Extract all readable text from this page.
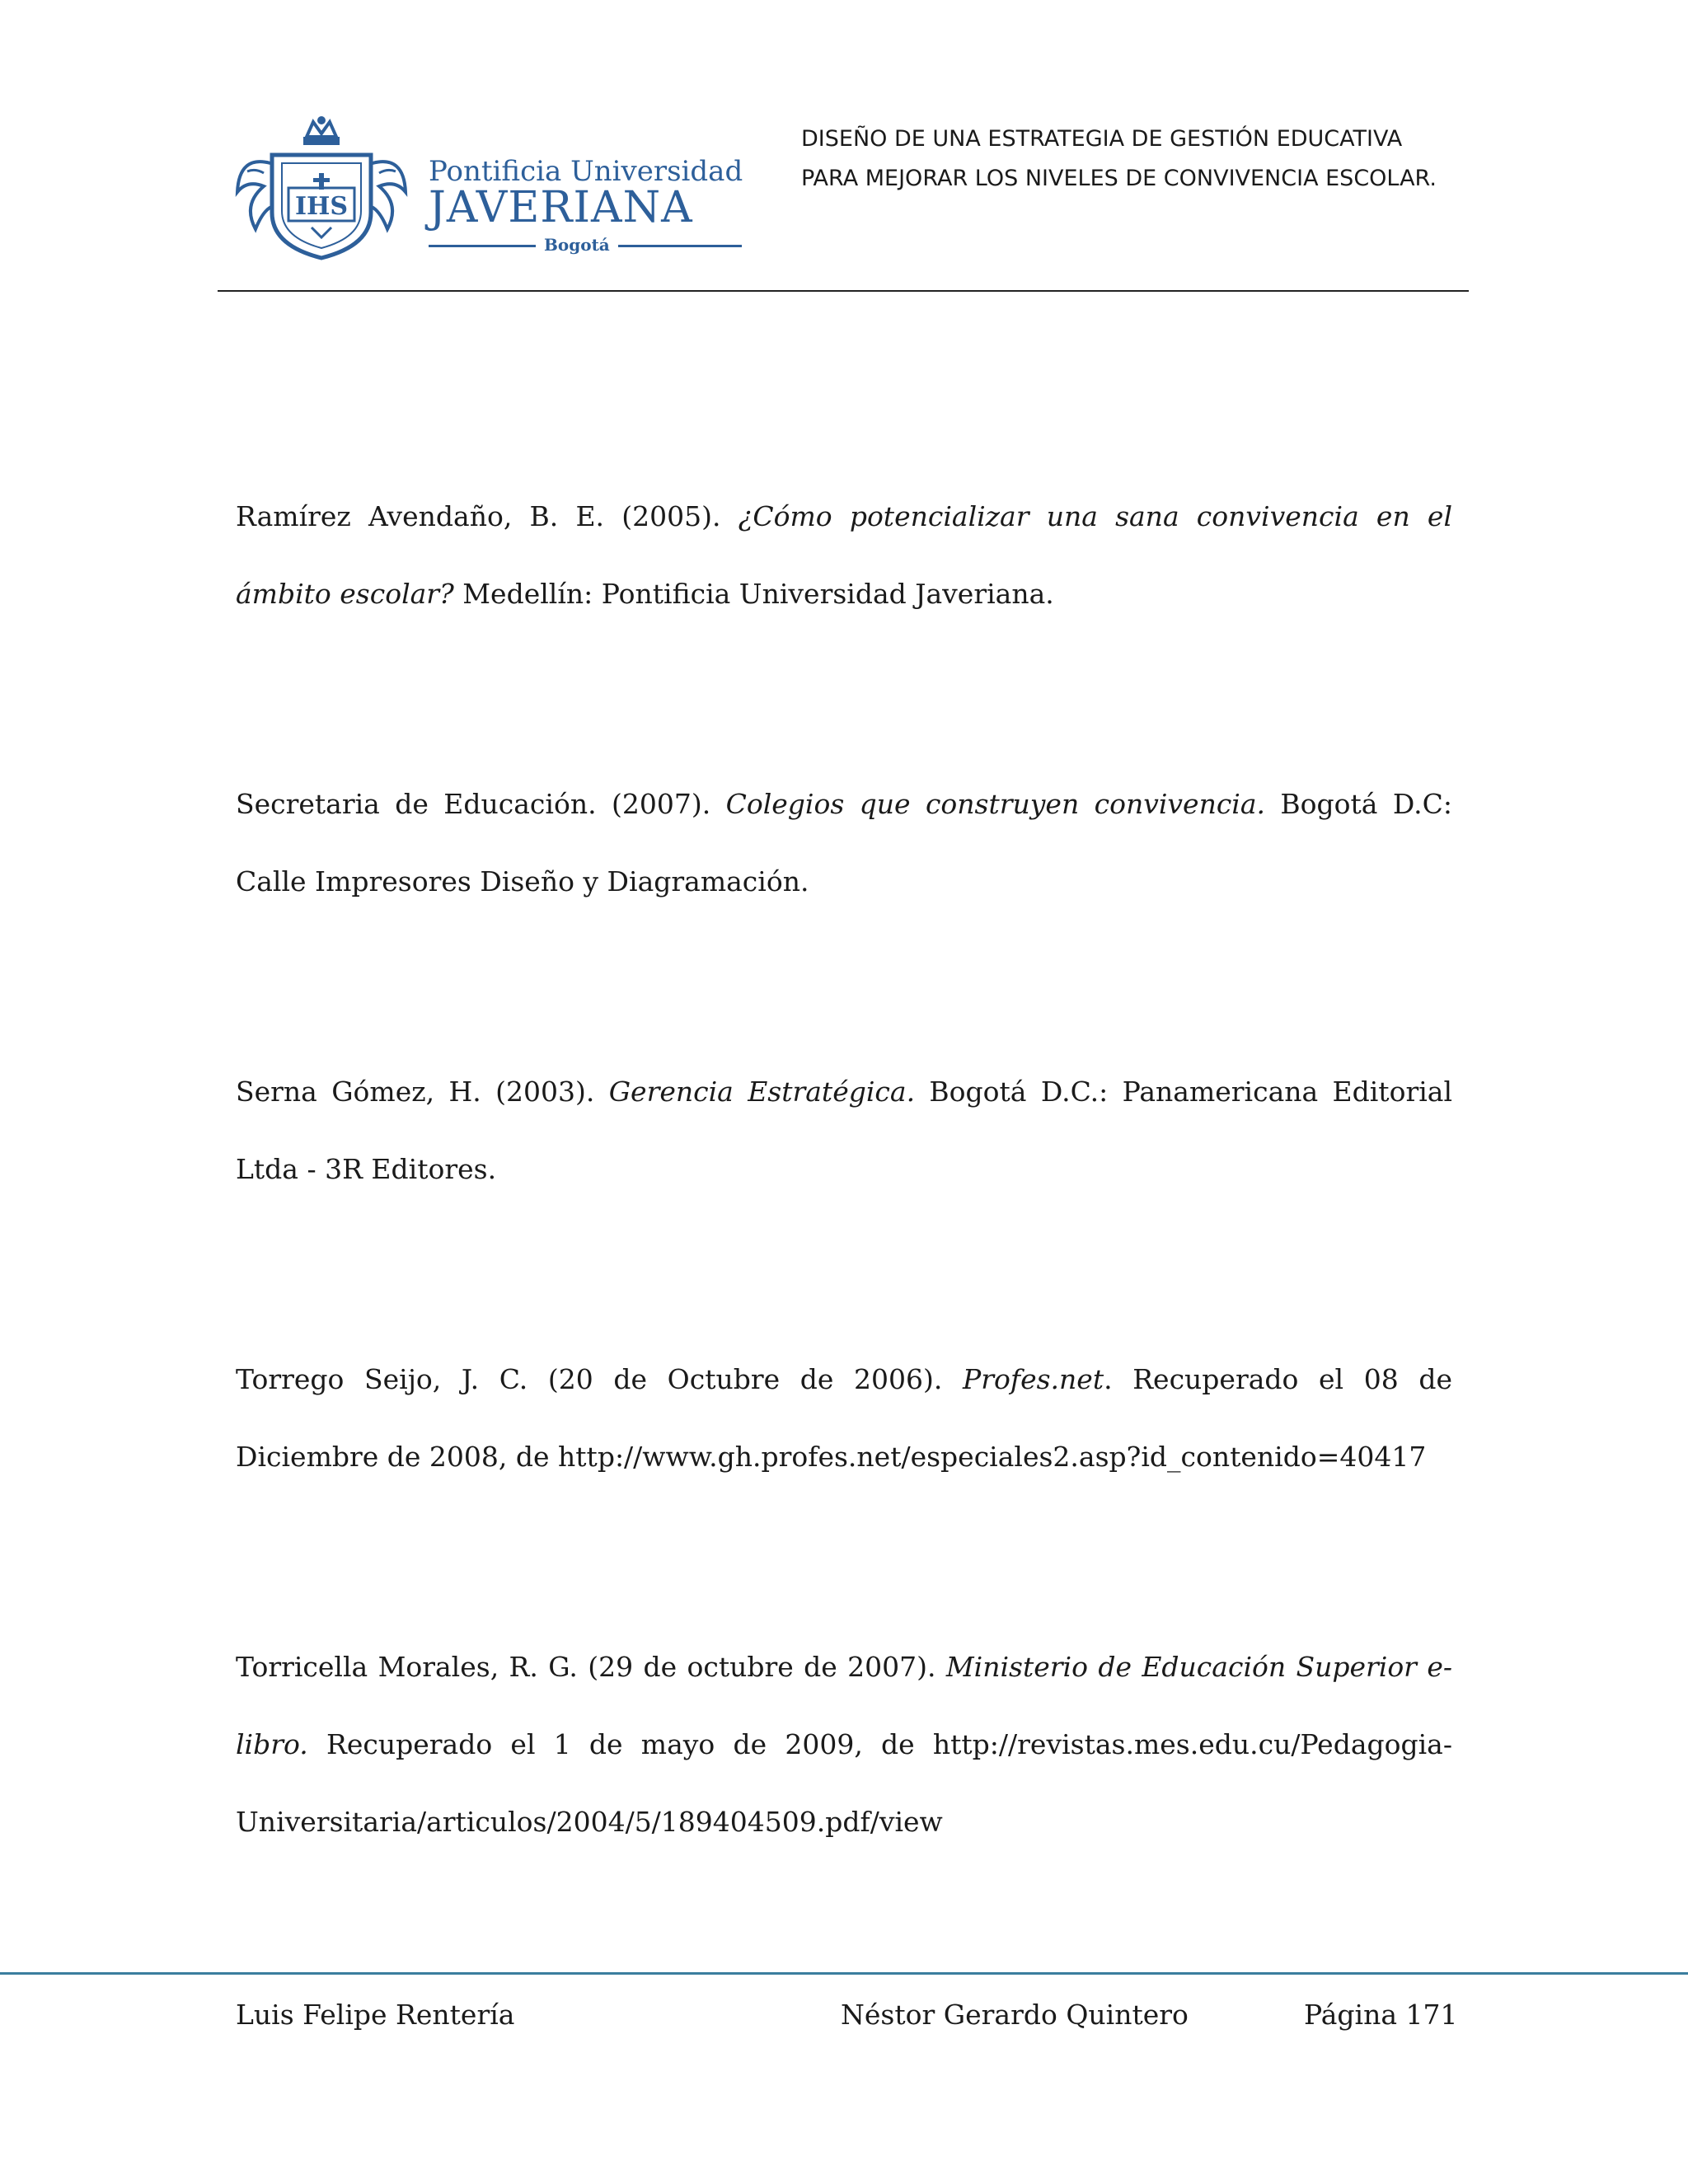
IHS
Pontificia Universidad
JAVERIANA
Bogotá
DISEÑO DE UNA ESTRATEGIA DE GESTIÓN EDUCATIVA
PARA MEJORAR LOS NIVELES DE CONVIVENCIA ESCOLAR.

Ramírez Avendaño, B. E. (2005). ¿Cómo potencializar una sana convivencia en el ámbito escolar? Medellín: Pontificia Universidad Javeriana.

Secretaria de Educación. (2007). Colegios que construyen convivencia. Bogotá D.C: Calle Impresores Diseño y Diagramación.

Serna Gómez, H. (2003). Gerencia Estratégica. Bogotá D.C.: Panamericana Editorial Ltda - 3R Editores.

Torrego Seijo, J. C. (20 de Octubre de 2006). Profes.net. Recuperado el 08 de Diciembre de 2008, de http://www.gh.profes.net/especiales2.asp?id_contenido=40417

Torricella Morales, R. G. (29 de octubre de 2007). Ministerio de Educación Superior e-libro. Recuperado el 1 de mayo de 2009, de http://revistas.mes.edu.cu/Pedagogia-Universitaria/articulos/2004/5/189404509.pdf/view

Luis Felipe Rentería	Néstor Gerardo Quintero	Página 171
